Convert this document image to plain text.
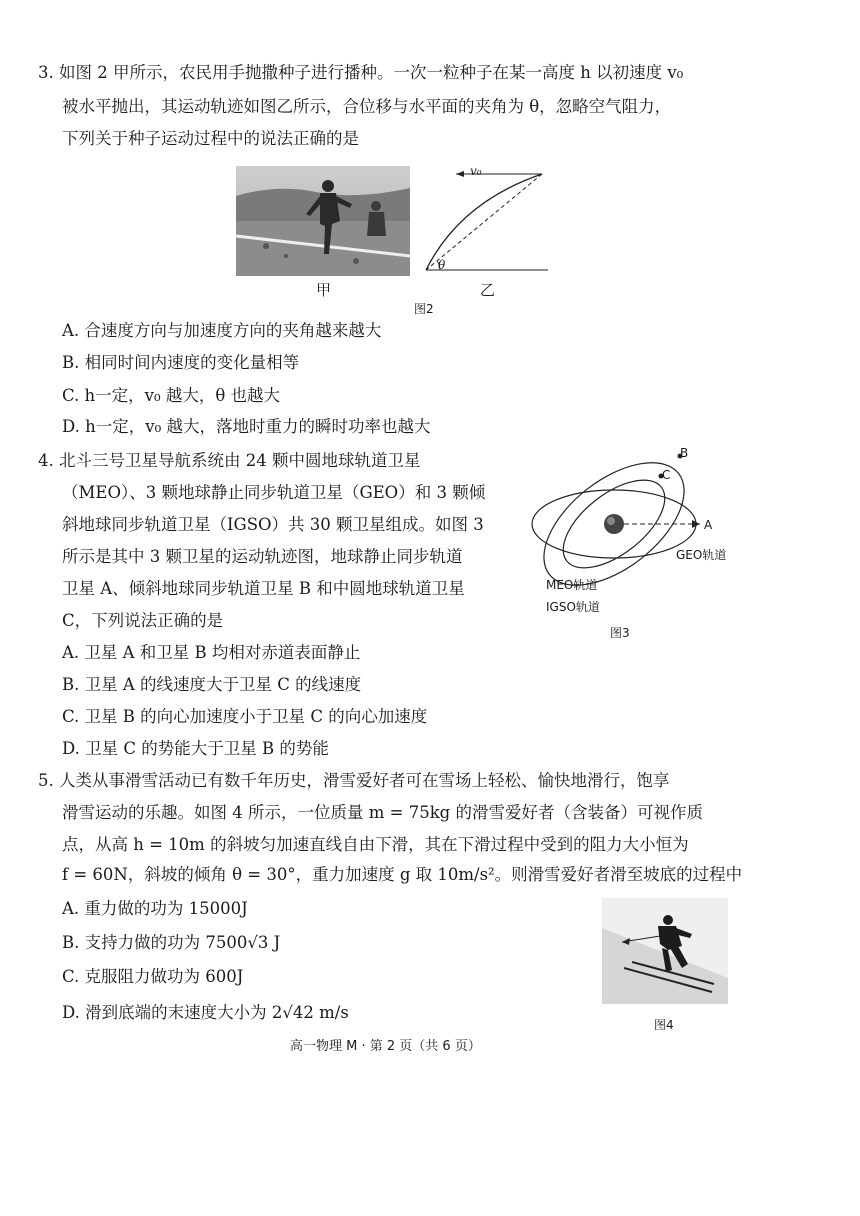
3. 如图 2 甲所示，农民用手抛撒种子进行播种。一次一粒种子在某一高度 h 以初速度 v₀
被水平抛出，其运动轨迹如图乙所示，合位移与水平面的夹角为 θ，忽略空气阻力，
下列关于种子运动过程中的说法正确的是
甲
v₀
θ
乙
图2
A. 合速度方向与加速度方向的夹角越来越大
B. 相同时间内速度的变化量相等
C. h一定，v₀ 越大，θ 也越大
D. h一定，v₀ 越大，落地时重力的瞬时功率也越大
4. 北斗三号卫星导航系统由 24 颗中圆地球轨道卫星
（MEO）、3 颗地球静止同步轨道卫星（GEO）和 3 颗倾
斜地球同步轨道卫星（IGSO）共 30 颗卫星组成。如图 3
所示是其中 3 颗卫星的运动轨迹图，地球静止同步轨道
卫星 A、倾斜地球同步轨道卫星 B 和中圆地球轨道卫星
C，下列说法正确的是
B
C
A
GEO轨道
MEO轨道
IGSO轨道
图3
A. 卫星 A 和卫星 B 均相对赤道表面静止
B. 卫星 A 的线速度大于卫星 C 的线速度
C. 卫星 B 的向心加速度小于卫星 C 的向心加速度
D. 卫星 C 的势能大于卫星 B 的势能
5. 人类从事滑雪活动已有数千年历史，滑雪爱好者可在雪场上轻松、愉快地滑行，饱享
滑雪运动的乐趣。如图 4 所示，一位质量 m = 75kg 的滑雪爱好者（含装备）可视作质
点，从高 h = 10m 的斜坡匀加速直线自由下滑，其在下滑过程中受到的阻力大小恒为
f = 60N，斜坡的倾角 θ = 30°，重力加速度 g 取 10m/s²。则滑雪爱好者滑至坡底的过程中
A. 重力做的功为 15000J
B. 支持力做的功为 7500√3 J
C. 克服阻力做功为 600J
D. 滑到底端的末速度大小为 2√42 m/s
图4
高一物理 M · 第 2 页（共 6 页）
